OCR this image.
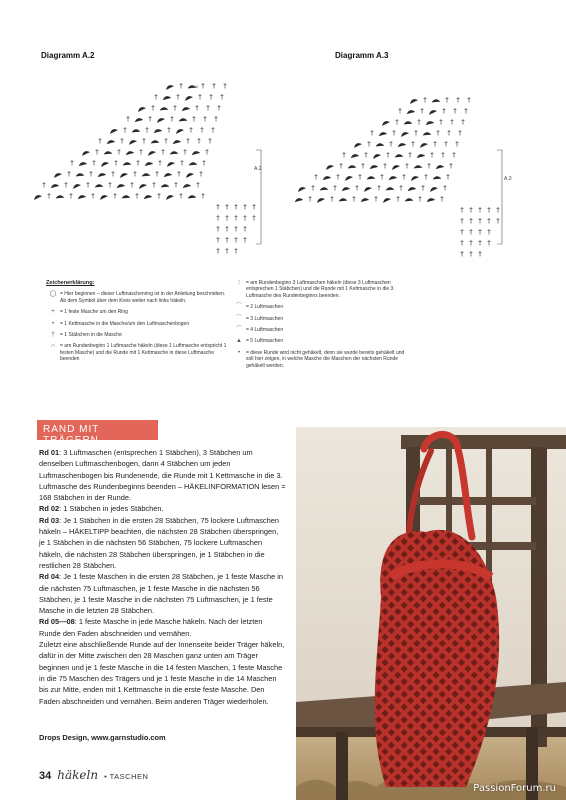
Diagramm A.2	Diagramm A.3
†	† † †
†	†	† † †
†	†	† † †
†	†	†	† † †
†	†	†	† † †
†	†	†	†	† † †
†	†	†	†	†	†
†	†	†	†	†	†	†
†	†	†	†	†	†	†
†	†	†	†	†	†	†	†
†	†	†	†	†	†	†	†
† † † † †
† † † † †
† † † †
† † † †
† † †
A.2
T=0
†	† † †
†	†	† † †
†	†	† † †
†	†	†	† † †
†	†	†	† † †
†	†	†	†	† † †
†	†	†	†	†	†
†	†	†	†	†	†	†
†	†	†	†	†	†	†
†	†	†	†	†	†	†
† † † † †
† † † † †
† † † †
† † † †
† † †
A.3
Zeichenerklärung:
◯ = Hier beginnen – dieser Luftmaschenring ist in der Anleitung beschrieben. Ab dem Symbol über dem Kreis weiter nach links häkeln.
+	= 1 feste Masche um den Ring
•	= 1 Kettmasche in die Masche/um den Luftmaschenbogen
†	= 1 Stäbchen in die Masche
∩ = am Rundenbeginn 1 Luftmasche häkeln (diese 1 Luftmasche entspricht 1 festen Masche) und die Runde mit 1 Kettmasche in diese Luftmasche beenden
⁝	= am Rundenbeginn 3 Luftmaschen häkeln (diese 3 Luftmaschen entsprechen 1 Stäbchen) und die Runde mit 1 Kettmasche in die 3. Luftmasche des Rundenbeginns beenden.
⌒ = 2 Luftmaschen
⌒ = 3 Luftmaschen
⌒ = 4 Luftmaschen
▲ = 5 Luftmaschen
•	= diese Runde wird nicht gehäkelt, denn sie wurde bereits gehäkelt und soll hier zeigen, in welche Masche die Maschen der nächsten Runde gehäkelt werden.
RAND MIT TRÄGERN

Rd 01: 3 Luftmaschen (entsprechen 1 Stäbchen), 3 Stäbchen um denselben Luftmaschenbogen, dann 4 Stäbchen um jeden Luftmaschenbogen bis Rundenende, die Runde mit 1 Kettmasche in die 3. Luftmasche des Rundenbeginns beenden – HÄKELINFORMATION lesen = 168 Stäbchen in der Runde.

Rd 02: 1 Stäbchen in jedes Stäbchen.

Rd 03: Je 1 Stäbchen in die ersten 28 Stäbchen, 75 lockere Luftmaschen häkeln – HÄKELTIPP beachten, die nächsten 28 Stäbchen überspringen, je 1 Stäbchen in die nächsten 56 Stäbchen, 75 lockere Luftmaschen häkeln, die nächsten 28 Stäbchen überspringen, je 1 Stäbchen in die restlichen 28 Stäbchen.

Rd 04: Je 1 feste Maschen in die ersten 28 Stäbchen, je 1 feste Masche in die nächsten 75 Luftmaschen, je 1 feste Masche in die nächsten 56 Stäbchen, je 1 feste Masche in die nächsten 75 Luftmaschen, je 1 feste Masche in die letzten 28 Stäbchen.

Rd 05—08: 1 feste Masche in jede Masche häkeln. Nach der letzten Runde den Faden abschneiden und vernähen.

Zuletzt eine abschließende Runde auf der Innenseite beider Träger häkeln, dafür in der Mitte zwischen den 28 Maschen ganz unten am Träger beginnen und je 1 feste Masche in die 14 festen Maschen, 1 feste Masche in die 75 Maschen des Trägers und je 1 feste Masche in die 14 Maschen bis zur Mitte, enden mit 1 Kettmasche in die erste feste Masche. Den Faden abschneiden und vernähen. Beim anderen Träger wiederholen.

Drops Design, www.garnstudio.com
34 häkeln • TASCHEN
PassionForum.ru
